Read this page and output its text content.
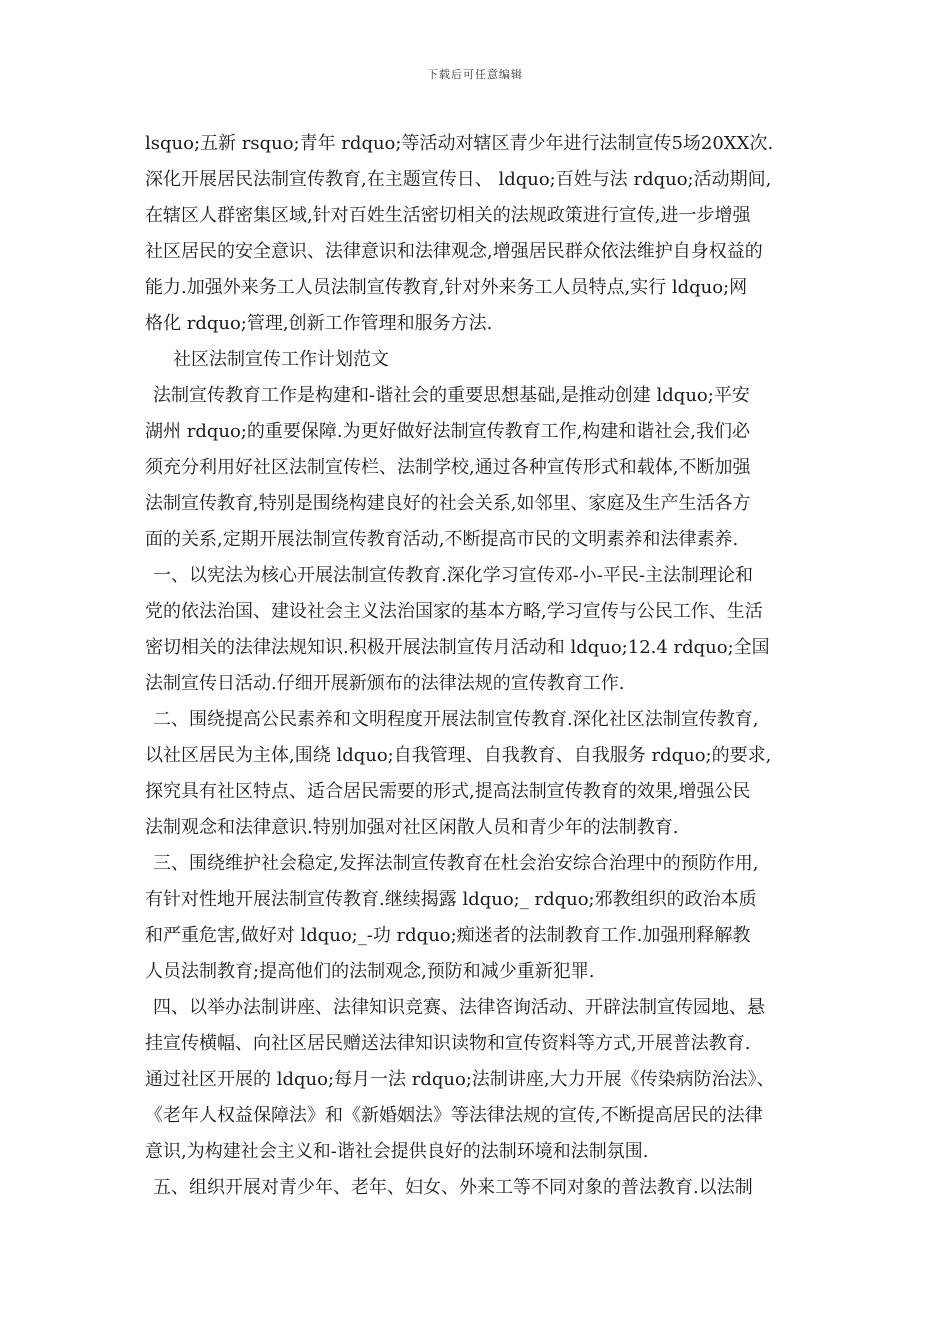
下载后可任意编辑
lsquo;五新 rsquo;青年 rdquo;等活动对辖区青少年进行法制宣传5场20XX次.
深化开展居民法制宣传教育,在主题宣传日、 ldquo;百姓与法 rdquo;活动期间,
在辖区人群密集区域,针对百姓生活密切相关的法规政策进行宣传,进一步增强
社区居民的安全意识、法律意识和法律观念,增强居民群众依法维护自身权益的
能力.加强外来务工人员法制宣传教育,针对外来务工人员特点,实行 ldquo;网
格化 rdquo;管理,创新工作管理和服务方法.
社区法制宣传工作计划范文
法制宣传教育工作是构建和-谐社会的重要思想基础,是推动创建 ldquo;平安
湖州 rdquo;的重要保障.为更好做好法制宣传教育工作,构建和谐社会,我们必
须充分利用好社区法制宣传栏、法制学校,通过各种宣传形式和载体,不断加强
法制宣传教育,特别是围绕构建良好的社会关系,如邻里、家庭及生产生活各方
面的关系,定期开展法制宣传教育活动,不断提高市民的文明素养和法律素养.
一、以宪法为核心开展法制宣传教育.深化学习宣传邓-小-平民-主法制理论和
党的依法治国、建设社会主义法治国家的基本方略,学习宣传与公民工作、生活
密切相关的法律法规知识.积极开展法制宣传月活动和 ldquo;12.4 rdquo;全国
法制宣传日活动.仔细开展新颁布的法律法规的宣传教育工作.
二、围绕提高公民素养和文明程度开展法制宣传教育.深化社区法制宣传教育,
以社区居民为主体,围绕 ldquo;自我管理、自我教育、自我服务 rdquo;的要求,
探究具有社区特点、适合居民需要的形式,提高法制宣传教育的效果,增强公民
法制观念和法律意识.特别加强对社区闲散人员和青少年的法制教育.
三、围绕维护社会稳定,发挥法制宣传教育在杜会治安综合治理中的预防作用,
有针对性地开展法制宣传教育.继续揭露 ldquo;_ rdquo;邪教组织的政治本质
和严重危害,做好对 ldquo;_-功 rdquo;痴迷者的法制教育工作.加强刑释解教
人员法制教育;提高他们的法制观念,预防和减少重新犯罪.
四、以举办法制讲座、法律知识竞赛、法律咨询活动、开辟法制宣传园地、悬
挂宣传横幅、向社区居民赠送法律知识读物和宣传资料等方式,开展普法教育.
通过社区开展的 ldquo;每月一法 rdquo;法制讲座,大力开展《传染病防治法》、
《老年人权益保障法》和《新婚姻法》等法律法规的宣传,不断提高居民的法律
意识,为构建社会主义和-谐社会提供良好的法制环境和法制氛围.
五、组织开展对青少年、老年、妇女、外来工等不同对象的普法教育.以法制
